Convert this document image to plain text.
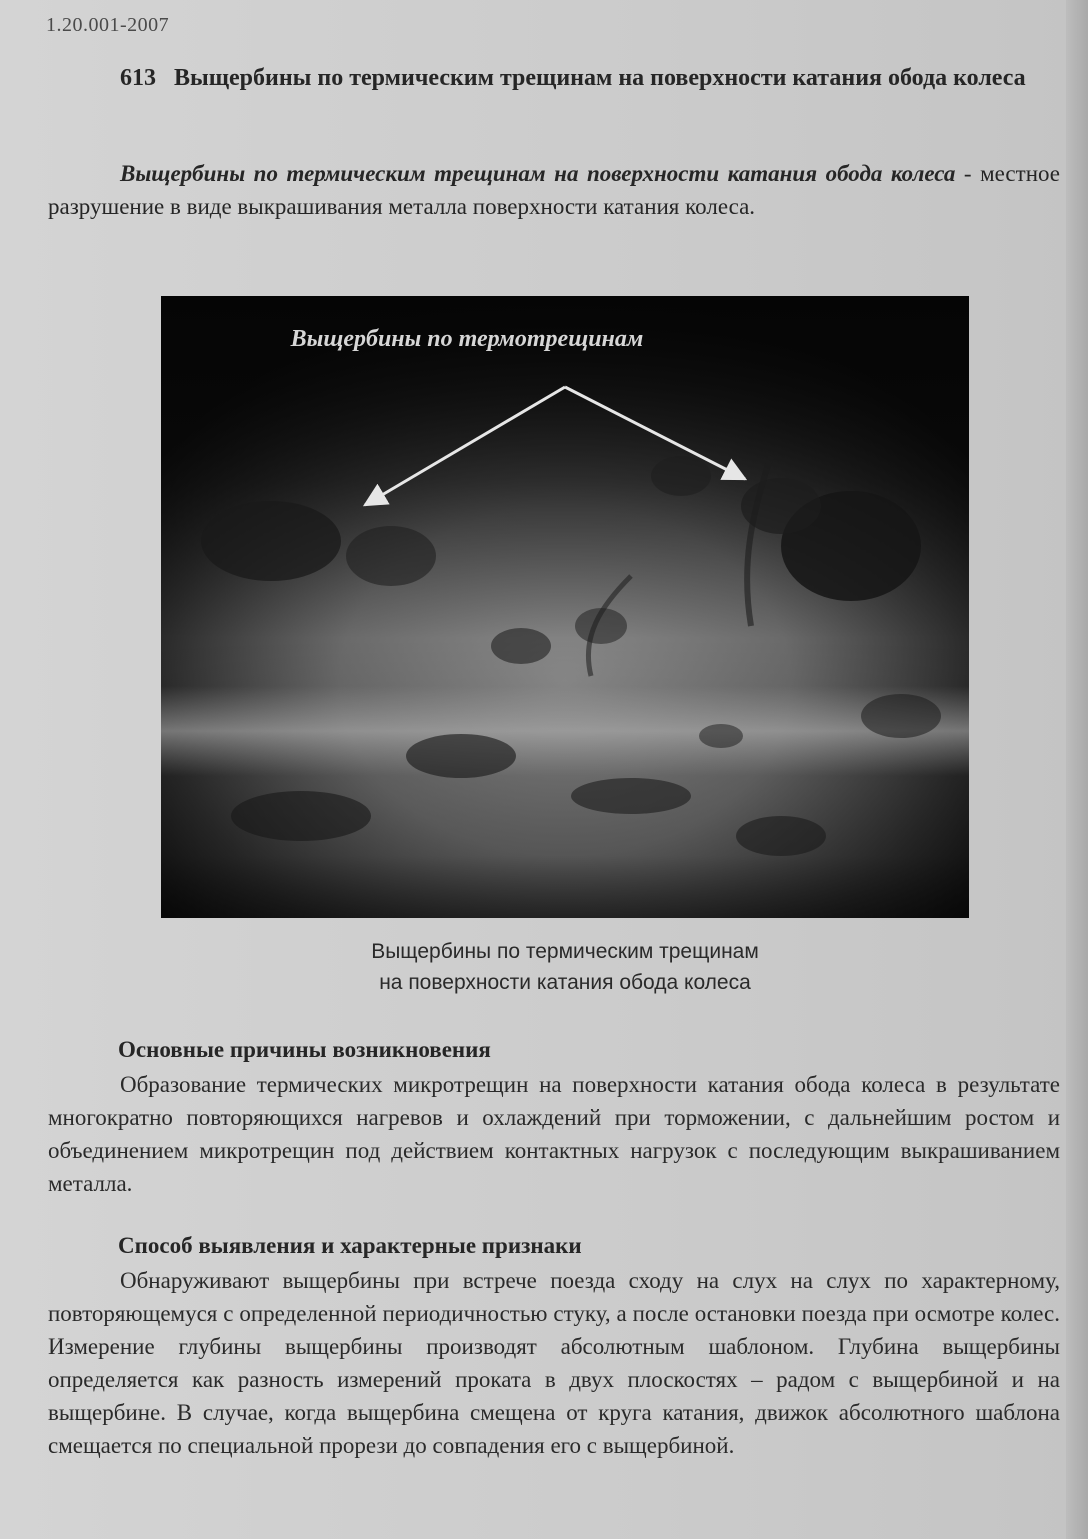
1.20.001-2007
613 Выщербины по термическим трещинам на поверхности катания обода колеса
Выщербины по термическим трещинам на поверхности катания обода колеса - местное разрушение в виде выкрашивания металла поверхности катания колеса.
Выщербины по термотрещинам
Выщербины по термическим трещинам
на поверхности катания обода колеса
Основные причины возникновения
Образование термических микротрещин на поверхности катания обода колеса в результате многократно повторяющихся нагревов и охлаждений при торможении, с дальнейшим ростом и объединением микротрещин под действием контактных нагрузок с последующим выкрашиванием металла.
Способ выявления и характерные признаки
Обнаруживают выщербины при встрече поезда сходу на слух на слух по характерному, повторяющемуся с определенной периодичностью стуку, а после остановки поезда при осмотре колес. Измерение глубины выщербины производят абсолютным шаблоном. Глубина выщербины определяется как разность измерений проката в двух плоскостях – радом с выщербиной и на выщербине. В случае, когда выщербина смещена от круга катания, движок абсолютного шаблона смещается по специальной прорези до совпадения его с выщербиной.
